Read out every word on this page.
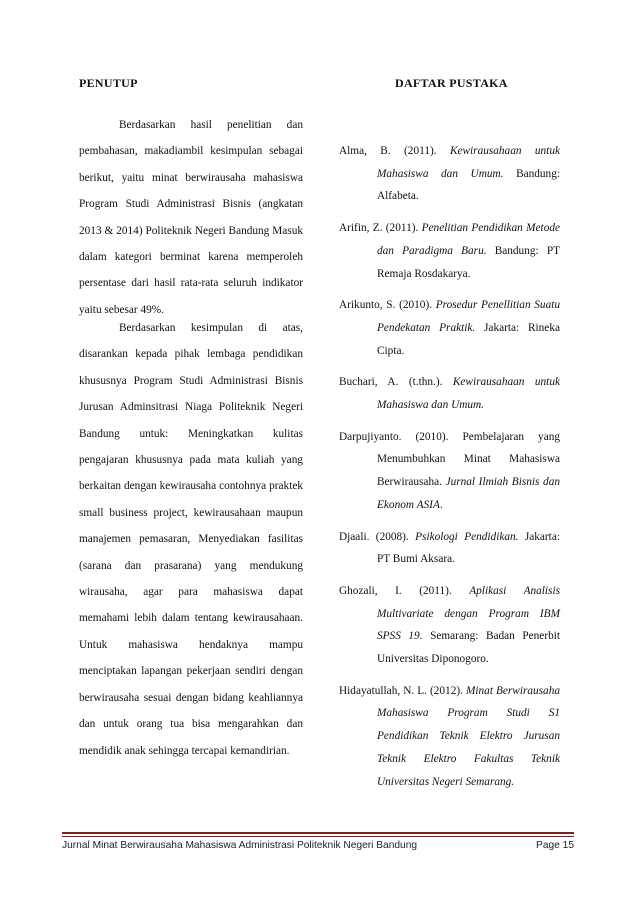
PENUTUP

Berdasarkan hasil penelitian dan pembahasan, makadiambil kesimpulan sebagai berikut, yaitu minat berwirausaha mahasiswa Program Studi Administrasi Bisnis (angkatan 2013 & 2014) Politeknik Negeri Bandung Masuk dalam kategori berminat karena memperoleh persentase dari hasil rata-rata seluruh indikator yaitu sebesar 49%.

Berdasarkan kesimpulan di atas, disarankan kepada pihak lembaga pendidikan khususnya Program Studi Administrasi Bisnis Jurusan Adminsitrasi Niaga Politeknik Negeri Bandung untuk: Meningkatkan kulitas pengajaran khususnya pada mata kuliah yang berkaitan dengan kewirausaha contohnya praktek small business project, kewirausahaan maupun manajemen pemasaran, Menyediakan fasilitas (sarana dan prasarana) yang mendukung wirausaha, agar para mahasiswa dapat memahami lebih dalam tentang kewirausahaan. Untuk mahasiswa hendaknya mampu menciptakan lapangan pekerjaan sendiri dengan berwirausaha sesuai dengan bidang keahliannya dan untuk orang tua bisa mengarahkan dan mendidik anak sehingga tercapai kemandirian.

DAFTAR PUSTAKA

Alma, B. (2011). Kewirausahaan untuk Mahasiswa dan Umum. Bandung: Alfabeta.

Arifin, Z. (2011). Penelitian Pendidikan Metode dan Paradigma Baru. Bandung: PT Remaja Rosdakarya.

Arikunto, S. (2010). Prosedur Penellitian Suatu Pendekatan Praktik. Jakarta: Rineka Cipta.

Buchari, A. (t.thn.). Kewirausahaan untuk Mahasiswa dan Umum.

Darpujiyanto. (2010). Pembelajaran yang Menumbuhkan Minat Mahasiswa Berwirausaha. Jurnal Ilmiah Bisnis dan Ekonom ASIA.

Djaali. (2008). Psikologi Pendidikan. Jakarta: PT Bumi Aksara.

Ghozali, I. (2011). Aplikasi Analisis Multivariate dengan Program IBM SPSS 19. Semarang: Badan Penerbit Universitas Diponogoro.

Hidayatullah, N. L. (2012). Minat Berwirausaha Mahasiswa Program Studi S1 Pendidikan Teknik Elektro Jurusan Teknik Elektro Fakultas Teknik Universitas Negeri Semarang.

Jurnal Minat Berwirausaha Mahasiswa Administrasi Politeknik Negeri Bandung	Page 15
